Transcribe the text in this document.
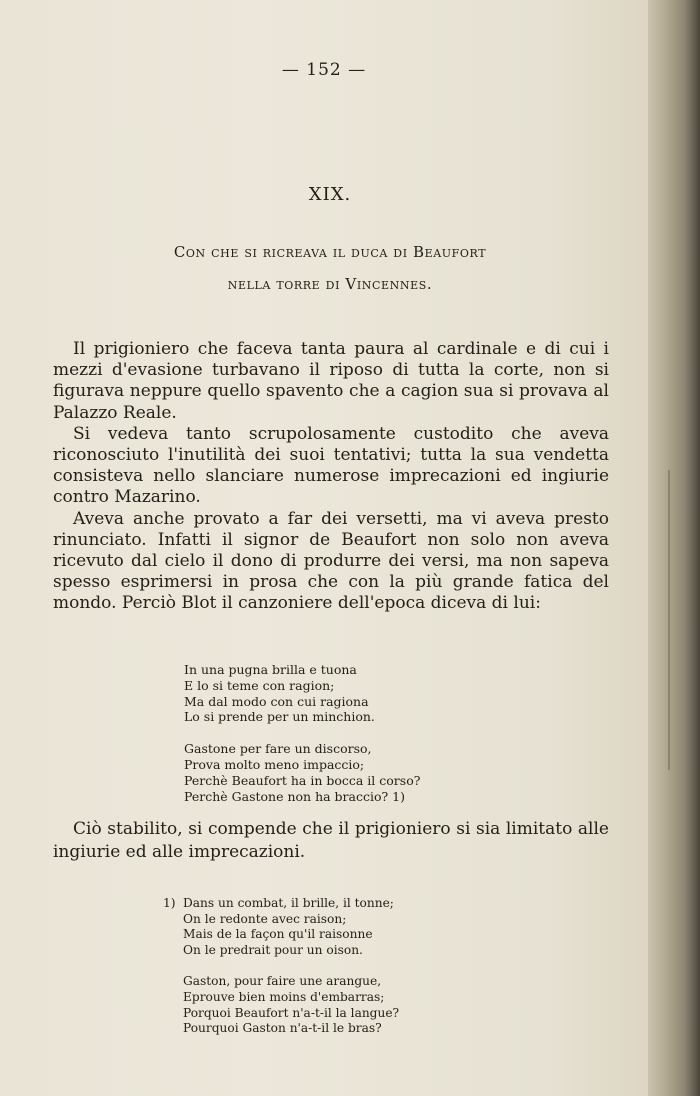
— 152 —
XIX.
Con che si ricreava il duca di Beaufort
nella torre di Vincennes.

Il prigioniero che faceva tanta paura al cardinale e di cui i mezzi d'evasione turbavano il riposo di tutta la corte, non si figurava neppure quello spavento che a cagion sua si provava al Palazzo Reale.

Si vedeva tanto scrupolosamente custodito che aveva riconosciuto l'inutilità dei suoi tentativi; tutta la sua vendetta consisteva nello slanciare numerose imprecazioni ed ingiurie contro Mazarino.

Aveva anche provato a far dei versetti, ma vi aveva presto rinunciato. Infatti il signor de Beaufort non solo non aveva ricevuto dal cielo il dono di produrre dei versi, ma non sapeva spesso esprimersi in prosa che con la più grande fatica del mondo. Perciò Blot il canzoniere dell'epoca diceva di lui:

In una pugna brilla e tuona
E lo si teme con ragion;
Ma dal modo con cui ragiona
Lo si prende per un minchion.
Gastone per fare un discorso,
Prova molto meno impaccio;
Perchè Beaufort ha in bocca il corso?
Perchè Gastone non ha braccio? 1)

Ciò stabilito, si compende che il prigioniero si sia limitato alle ingiurie ed alle imprecazioni.

1) Dans un combat, il brille, il tonne;
On le redonte avec raison;
Mais de la façon qu'il raisonne
On le predrait pour un oison.
Gaston, pour faire une arangue,
Eprouve bien moins d'embarras;
Porquoi Beaufort n'a-t-il la langue?
Pourquoi Gaston n'a-t-il le bras?
